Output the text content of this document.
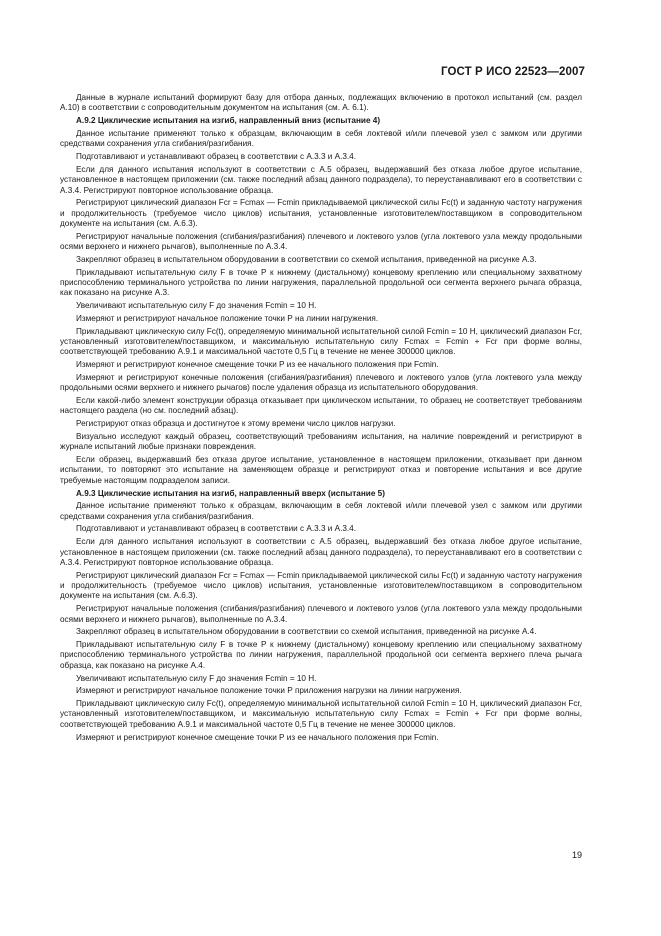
ГОСТ Р ИСО 22523—2007

Данные в журнале испытаний формируют базу для отбора данных, подлежащих включению в протокол испытаний (см. раздел А.10) в соответствии с сопроводительным документом на испытания (см. А. 6.1).

А.9.2 Циклические испытания на изгиб, направленный вниз (испытание 4)

Данное испытание применяют только к образцам, включающим в себя локтевой и/или плечевой узел с замком или другими средствами сохранения угла сгибания/разгибания.

Подготавливают и устанавливают образец в соответствии с А.3.3 и А.3.4.

Если для данного испытания используют в соответствии с А.5 образец, выдержавший без отказа любое другое испытание, установленное в настоящем приложении (см. также последний абзац данного подраздела), то переустанавливают его в соответствии с А.3.4. Регистрируют повторное использование образца.

Регистрируют циклический диапазон Fcr = Fcmax — Fcmin прикладываемой циклической силы Fc(t) и заданную частоту нагружения и продолжительность (требуемое число циклов) испытания, установленные изготовителем/поставщиком в сопроводительном документе на испытания (см. А.6.3).

Регистрируют начальные положения (сгибания/разгибания) плечевого и локтевого узлов (угла локтевого узла между продольными осями верхнего и нижнего рычагов), выполненные по А.3.4.

Закрепляют образец в испытательном оборудовании в соответствии со схемой испытания, приведенной на рисунке А.3.

Прикладывают испытательную силу F в точке Р к нижнему (дистальному) концевому креплению или специальному захватному приспособлению терминального устройства по линии нагружения, параллельной продольной оси сегмента верхнего рычага образца, как показано на рисунке А.3.

Увеличивают испытательную силу F до значения Fcmin = 10 Н.

Измеряют и регистрируют начальное положение точки Р на линии нагружения.

Прикладывают циклическую силу Fc(t), определяемую минимальной испытательной силой Fcmin = 10 Н, циклический диапазон Fcr, установленный изготовителем/поставщиком, и максимальную испытательную силу Fcmax = Fcmin + Fcr при форме волны, соответствующей требованию А.9.1 и максимальной частоте 0,5 Гц в течение не менее 300000 циклов.

Измеряют и регистрируют конечное смещение точки Р из ее начального положения при Fcmin.

Измеряют и регистрируют конечные положения (сгибания/разгибания) плечевого и локтевого узлов (угла локтевого узла между продольными осями верхнего и нижнего рычагов) после удаления образца из испытательного оборудования.

Если какой-либо элемент конструкции образца отказывает при циклическом испытании, то образец не соответствует требованиям настоящего раздела (но см. последний абзац).

Регистрируют отказ образца и достигнутое к этому времени число циклов нагрузки.

Визуально исследуют каждый образец, соответствующий требованиям испытания, на наличие повреждений и регистрируют в журнале испытаний любые признаки повреждения.

Если образец, выдержавший без отказа другое испытание, установленное в настоящем приложении, отказывает при данном испытании, то повторяют это испытание на заменяющем образце и регистрируют отказ и повторение испытания и все другие требуемые настоящим подразделом записи.

А.9.3 Циклические испытания на изгиб, направленный вверх (испытание 5)

Данное испытание применяют только к образцам, включающим в себя локтевой и/или плечевой узел с замком или другими средствами сохранения угла сгибания/разгибания.

Подготавливают и устанавливают образец в соответствии с А.3.3 и А.3.4.

Если для данного испытания используют в соответствии с А.5 образец, выдержавший без отказа любое другое испытание, установленное в настоящем приложении (см. также последний абзац данного подраздела), то переустанавливают его в соответствии с А.3.4. Регистрируют повторное использование образца.

Регистрируют циклический диапазон Fcr = Fcmax — Fcmin прикладываемой циклической силы Fc(t) и заданную частоту нагружения и продолжительность (требуемое число циклов) испытания, установленные изготовителем/поставщиком в сопроводительном документе на испытания (см. А.6.3).

Регистрируют начальные положения (сгибания/разгибания) плечевого и локтевого узлов (угла локтевого узла между продольными осями верхнего и нижнего рычагов), выполненные по А.3.4.

Закрепляют образец в испытательном оборудовании в соответствии со схемой испытания, приведенной на рисунке А.4.

Прикладывают испытательную силу F в точке Р к нижнему (дистальному) концевому креплению или специальному захватному приспособлению терминального устройства по линии нагружения, параллельной продольной оси сегмента верхнего плеча рычага образца, как показано на рисунке А.4.

Увеличивают испытательную силу F до значения Fcmin = 10 Н.

Измеряют и регистрируют начальное положение точки Р приложения нагрузки на линии нагружения.

Прикладывают циклическую силу Fc(t), определяемую минимальной испытательной силой Fcmin = 10 Н, циклический диапазон Fcr, установленный изготовителем/поставщиком, и максимальную испытательную силу Fcmax = Fcmin + Fcr при форме волны, соответствующей требованию А.9.1 и максимальной частоте 0,5 Гц в течение не менее 300000 циклов.

Измеряют и регистрируют конечное смещение точки Р из ее начального положения при Fcmin.

19
